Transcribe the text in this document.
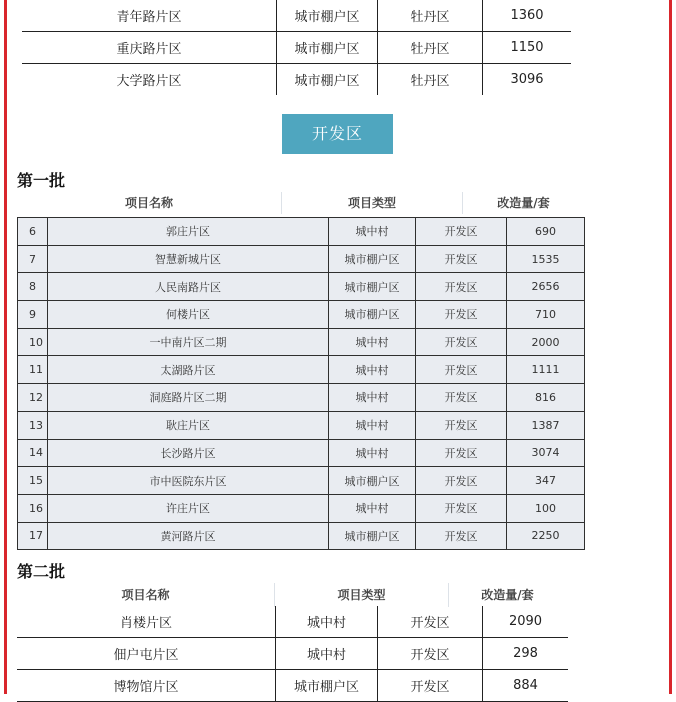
青年路片区	城市棚户区	牡丹区	1360
重庆路片区	城市棚户区	牡丹区	1150
大学路片区	城市棚户区	牡丹区	3096
开发区
第一批
项目名称	项目类型	改造量/套
6	郭庄片区	城中村	开发区	690
7	智慧新城片区	城市棚户区	开发区	1535
8	人民南路片区	城市棚户区	开发区	2656
9	何楼片区	城市棚户区	开发区	710
10	一中南片区二期	城中村	开发区	2000
11	太湖路片区	城中村	开发区	1111
12	洞庭路片区二期	城中村	开发区	816
13	耿庄片区	城中村	开发区	1387
14	长沙路片区	城中村	开发区	3074
15	市中医院东片区	城市棚户区	开发区	347
16	许庄片区	城中村	开发区	100
17	黄河路片区	城市棚户区	开发区	2250
第二批
项目名称	项目类型	改造量/套
肖楼片区	城中村	开发区	2090
佃户屯片区	城中村	开发区	298
博物馆片区	城市棚户区	开发区	884
